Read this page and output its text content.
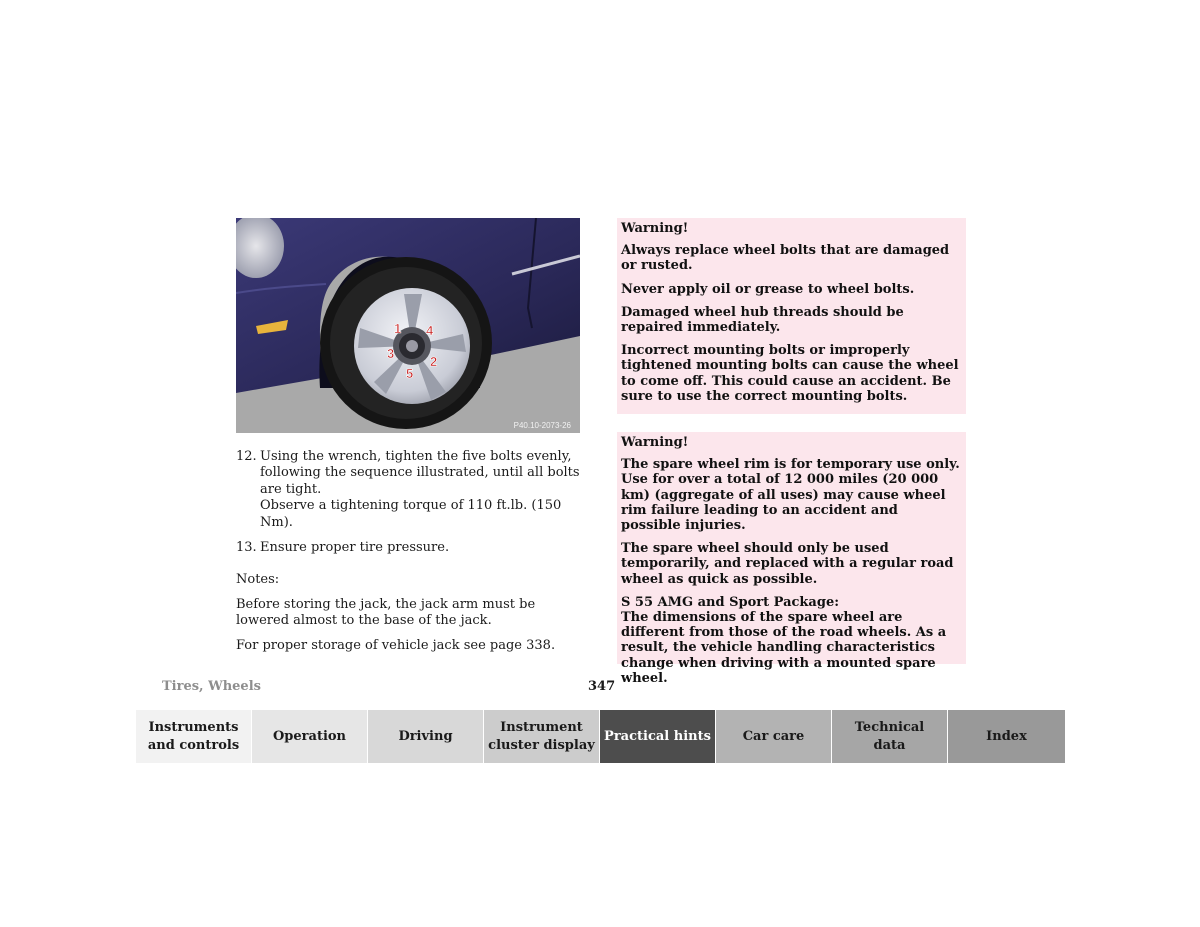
P40.10-2073-26
1
2
3
4
5
12. Using the wrench, tighten the five bolts evenly, following the sequence illustrated, until all bolts are tight.
Observe a tightening torque of 110 ft.lb. (150 Nm).
13. Ensure proper tire pressure.

Notes:

Before storing the jack, the jack arm must be lowered almost to the base of the jack.

For proper storage of vehicle jack see page 338.

Warning!

Always replace wheel bolts that are damaged or rusted.

Never apply oil or grease to wheel bolts.

Damaged wheel hub threads should be repaired immediately.

Incorrect mounting bolts or improperly tightened mounting bolts can cause the wheel to come off. This could cause an accident. Be sure to use the correct mounting bolts.

Warning!

The spare wheel rim is for temporary use only. Use for over a total of 12 000 miles (20 000 km) (aggregate of all uses) may cause wheel rim failure leading to an accident and possible injuries.

The spare wheel should only be used temporarily, and replaced with a regular road wheel as quick as possible.

S 55 AMG and Sport Package:

The dimensions of the spare wheel are different from those of the road wheels. As a result, the vehicle handling characteristics change when driving with a mounted spare wheel.

Tires, Wheels	347
Instruments
and controls
Operation	Driving
Instrument
cluster display
Practical hints	Car care
Technical
data
Index
